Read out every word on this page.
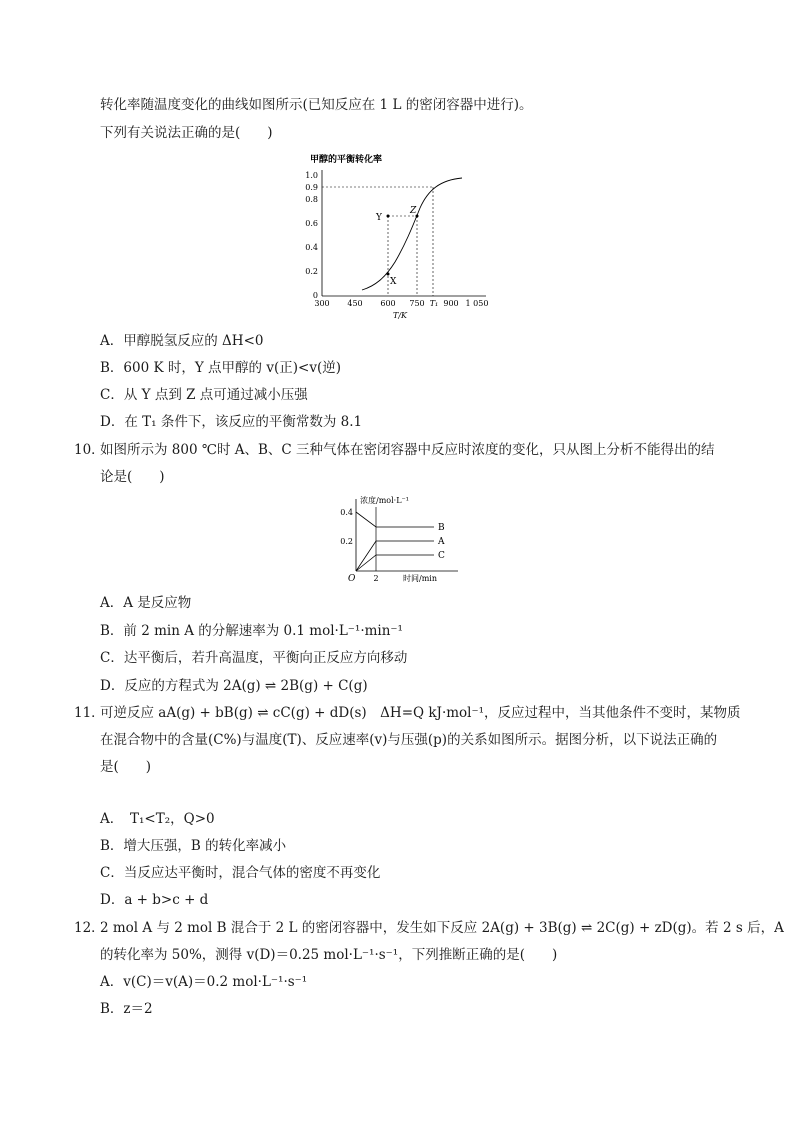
转化率随温度变化的曲线如图所示(已知反应在 1 L 的密闭容器中进行)。
下列有关说法正确的是(　　)
甲醇的平衡转化率
1.0
0.9
0.8
0.6
0.4
0.2
0
300 450 600 750 T₁ 900 1 050
T/K
Y
Z
X
A．甲醇脱氢反应的 ΔH<0
B．600 K 时，Y 点甲醇的 v(正)<v(逆)
C．从 Y 点到 Z 点可通过减小压强
D．在 T₁ 条件下，该反应的平衡常数为 8.1
10．
如图所示为 800 ℃时 A、B、C 三种气体在密闭容器中反应时浓度的变化，只从图上分析不能得出的结
论是(　　)
浓度/mol·L⁻¹
0.4
0.2
O 2	时间/min
B
A
C
A．A 是反应物
B．前 2 min A 的分解速率为 0.1 mol·L⁻¹·min⁻¹
C．达平衡后，若升高温度，平衡向正反应方向移动
D．反应的方程式为 2A(g) ⇌ 2B(g) + C(g)
11．
可逆反应 aA(g) + bB(g) ⇌ cC(g) + dD(s)　ΔH=Q kJ·mol⁻¹，反应过程中，当其他条件不变时，某物质
在混合物中的含量(C%)与温度(T)、反应速率(v)与压强(p)的关系如图所示。据图分析，以下说法正确的
是(　　)
A．　T₁<T₂，Q>0
B．增大压强，B 的转化率减小
C．当反应达平衡时，混合气体的密度不再变化
D．a + b>c + d
12．
2 mol A 与 2 mol B 混合于 2 L 的密闭容器中，发生如下反应 2A(g) + 3B(g) ⇌ 2C(g) + zD(g)。若 2 s 后，A
的转化率为 50%，测得 v(D)＝0.25 mol·L⁻¹·s⁻¹，下列推断正确的是(　　)
A．v(C)＝v(A)＝0.2 mol·L⁻¹·s⁻¹
B．z＝2
